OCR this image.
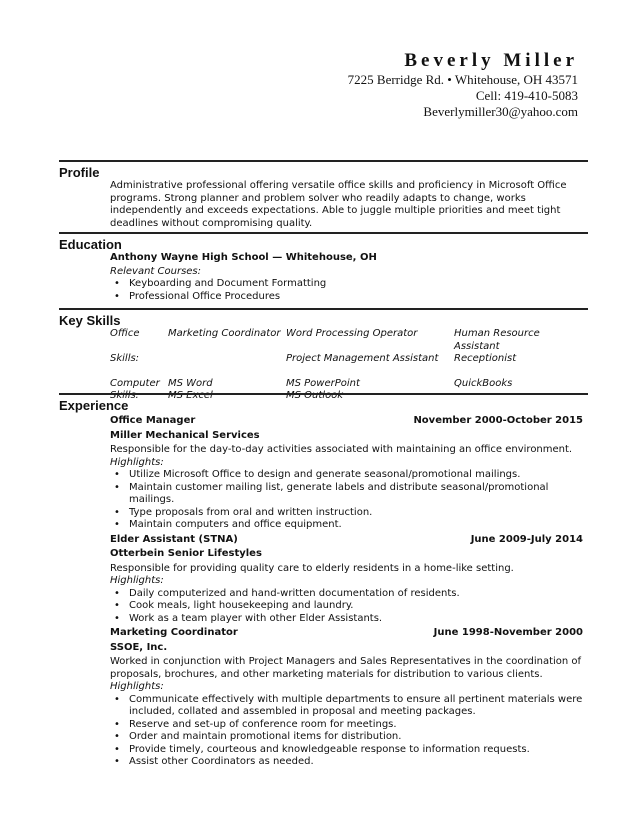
Beverly Miller
7225 Berridge Rd. • Whitehouse, OH 43571
Cell: 419-410-5083
Beverlymiller30@yahoo.com
Profile
Administrative professional offering versatile office skills and proficiency in Microsoft Office programs. Strong planner and problem solver who readily adapts to change, works independently and exceeds expectations. Able to juggle multiple priorities and meet tight deadlines without compromising quality.
Education
Anthony Wayne High School — Whitehouse, OH
Relevant Courses:
• Keyboarding and Document Formatting
• Professional Office Procedures
Key Skills
Office	Marketing Coordinator	Word Processing Operator	Human Resource Assistant
Skills:		Project Management Assistant	Receptionist
Computer	MS Word	MS PowerPoint	QuickBooks
Skills:	MS Excel	MS Outlook	
Experience
Office Manager	November 2000-October 2015
Miller Mechanical Services
Responsible for the day-to-day activities associated with maintaining an office environment.
Highlights:
• Utilize Microsoft Office to design and generate seasonal/promotional mailings.
• Maintain customer mailing list, generate labels and distribute seasonal/promotional mailings.
• Type proposals from oral and written instruction.
• Maintain computers and office equipment.
Elder Assistant (STNA)	June 2009-July 2014
Otterbein Senior Lifestyles
Responsible for providing quality care to elderly residents in a home-like setting.
Highlights:
• Daily computerized and hand-written documentation of residents.
• Cook meals, light housekeeping and laundry.
• Work as a team player with other Elder Assistants.
Marketing Coordinator	June 1998-November 2000
SSOE, Inc.
Worked in conjunction with Project Managers and Sales Representatives in the coordination of proposals, brochures, and other marketing materials for distribution to various clients.
Highlights:
• Communicate effectively with multiple departments to ensure all pertinent materials were included, collated and assembled in proposal and meeting packages.
• Reserve and set-up of conference room for meetings.
• Order and maintain promotional items for distribution.
• Provide timely, courteous and knowledgeable response to information requests.
• Assist other Coordinators as needed.
